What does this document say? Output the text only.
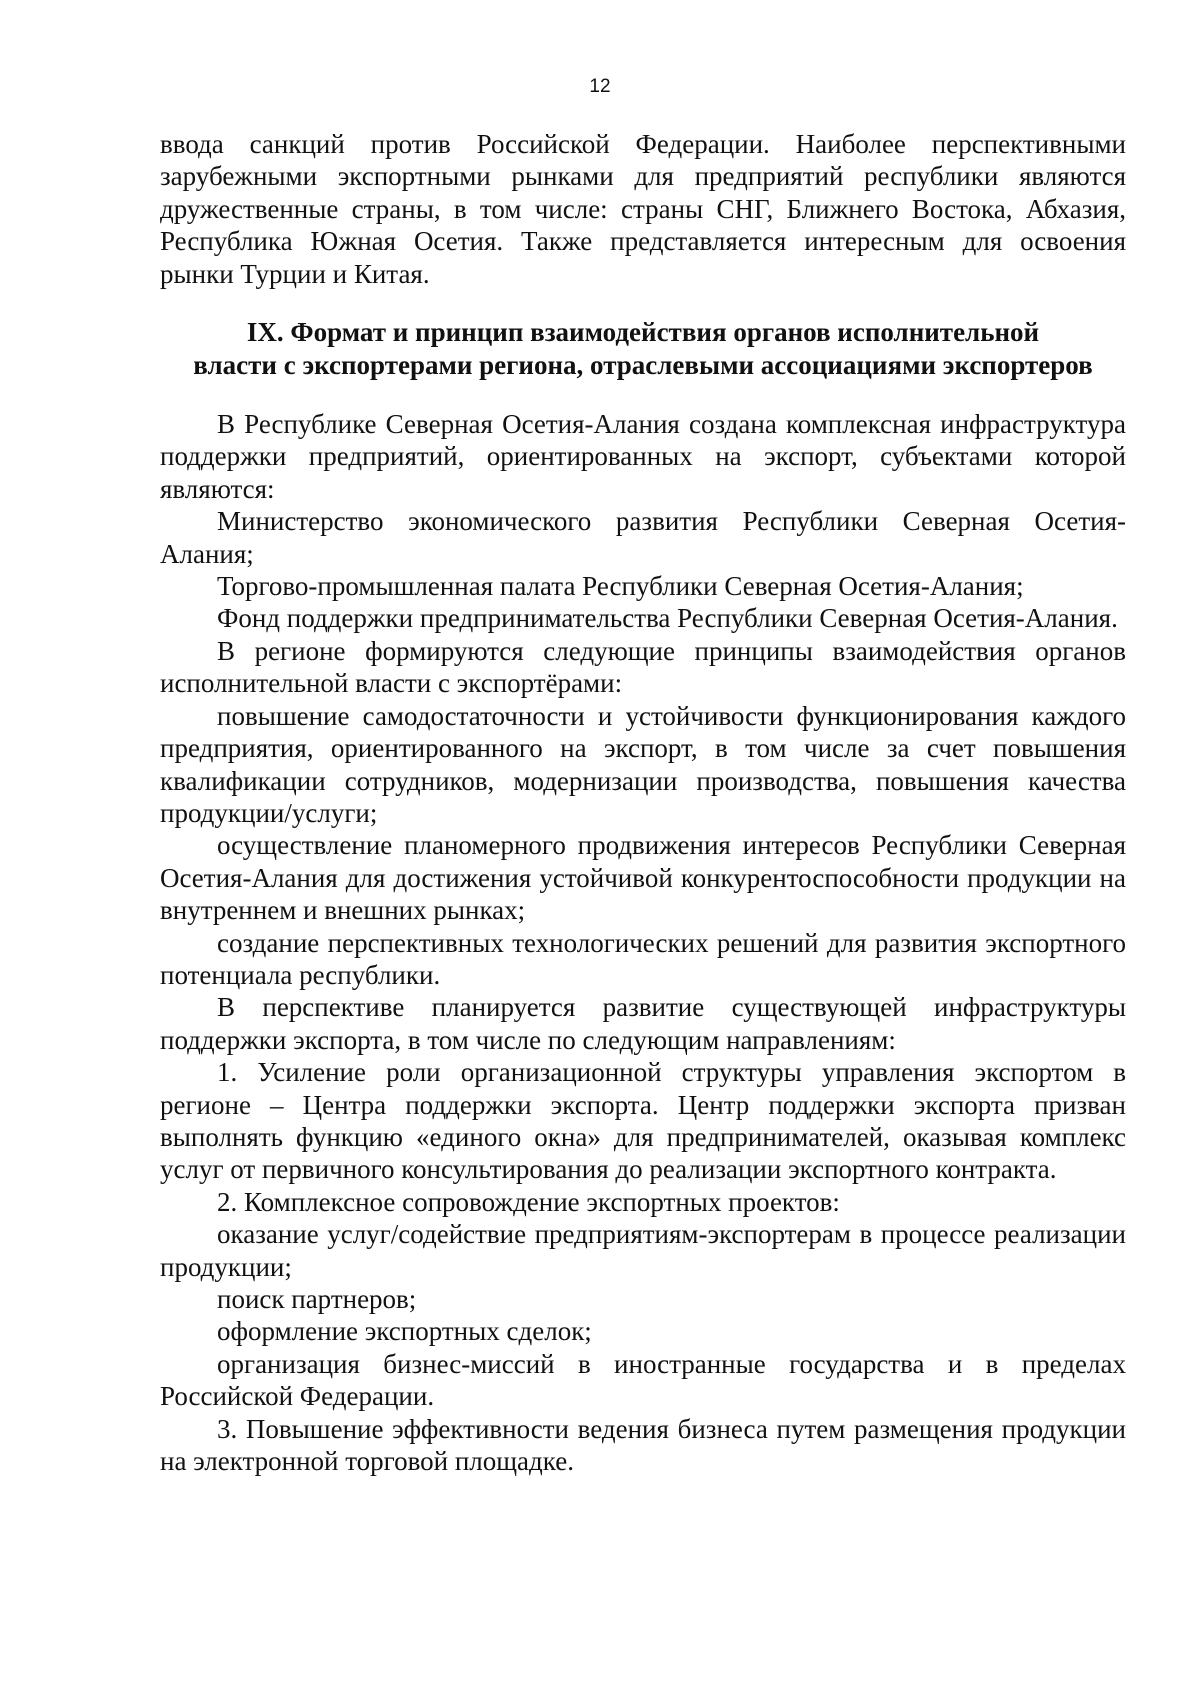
12

ввода санкций против Российской Федерации. Наиболее перспективными зарубежными экспортными рынками для предприятий республики являются дружественные страны, в том числе: страны СНГ, Ближнего Востока, Абхазия, Республика Южная Осетия. Также представляется интересным для освоения рынки Турции и Китая.

IX. Формат и принцип взаимодействия органов исполнительной
власти с экспортерами региона, отраслевыми ассоциациями экспортеров

В Республике Северная Осетия-Алания создана комплексная инфраструктура поддержки предприятий, ориентированных на экспорт, субъектами которой являются:

Министерство экономического развития Республики Северная Осетия-Алания;

Торгово-промышленная палата Республики Северная Осетия-Алания;

Фонд поддержки предпринимательства Республики Северная Осетия-Алания.

В регионе формируются следующие принципы взаимодействия органов исполнительной власти с экспортёрами:

повышение самодостаточности и устойчивости функционирования каждого предприятия, ориентированного на экспорт, в том числе за счет повышения квалификации сотрудников, модернизации производства, повышения качества продукции/услуги;

осуществление планомерного продвижения интересов Республики Северная Осетия-Алания для достижения устойчивой конкурентоспособности продукции на внутреннем и внешних рынках;

создание перспективных технологических решений для развития экспортного потенциала республики.

В перспективе планируется развитие существующей инфраструктуры поддержки экспорта, в том числе по следующим направлениям:

1. Усиление роли организационной структуры управления экспортом в регионе – Центра поддержки экспорта. Центр поддержки экспорта призван выполнять функцию «единого окна» для предпринимателей, оказывая комплекс услуг от первичного консультирования до реализации экспортного контракта.

2. Комплексное сопровождение экспортных проектов:

оказание услуг/содействие предприятиям-экспортерам в процессе реализации продукции;

поиск партнеров;

оформление экспортных сделок;

организация бизнес-миссий в иностранные государства и в пределах Российской Федерации.

3. Повышение эффективности ведения бизнеса путем размещения продукции на электронной торговой площадке.
